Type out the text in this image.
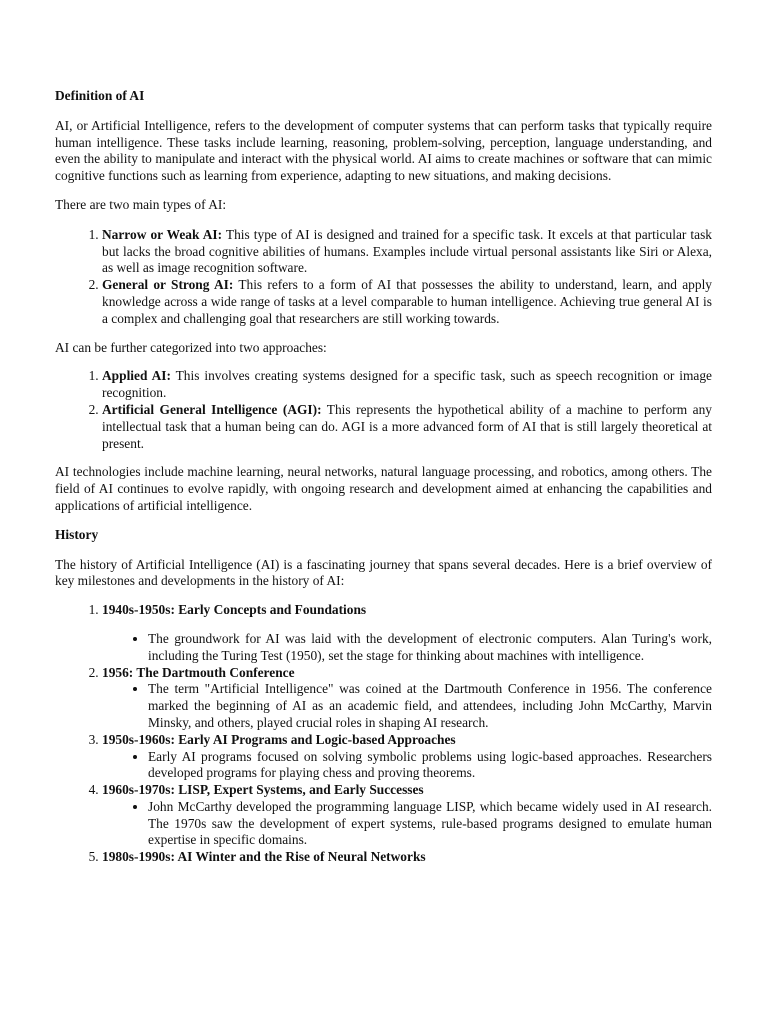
Definition of AI

AI, or Artificial Intelligence, refers to the development of computer systems that can perform tasks that typically require human intelligence. These tasks include learning, reasoning, problem-solving, perception, language understanding, and even the ability to manipulate and interact with the physical world. AI aims to create machines or software that can mimic cognitive functions such as learning from experience, adapting to new situations, and making decisions.

There are two main types of AI:

1. Narrow or Weak AI: This type of AI is designed and trained for a specific task. It excels at that particular task but lacks the broad cognitive abilities of humans. Examples include virtual personal assistants like Siri or Alexa, as well as image recognition software.
2. General or Strong AI: This refers to a form of AI that possesses the ability to understand, learn, and apply knowledge across a wide range of tasks at a level comparable to human intelligence. Achieving true general AI is a complex and challenging goal that researchers are still working towards.

AI can be further categorized into two approaches:

1. Applied AI: This involves creating systems designed for a specific task, such as speech recognition or image recognition.
2. Artificial General Intelligence (AGI): This represents the hypothetical ability of a machine to perform any intellectual task that a human being can do. AGI is a more advanced form of AI that is still largely theoretical at present.

AI technologies include machine learning, neural networks, natural language processing, and robotics, among others. The field of AI continues to evolve rapidly, with ongoing research and development aimed at enhancing the capabilities and applications of artificial intelligence.

History

The history of Artificial Intelligence (AI) is a fascinating journey that spans several decades. Here is a brief overview of key milestones and developments in the history of AI:

1. 1940s-1950s: Early Concepts and Foundations
• The groundwork for AI was laid with the development of electronic computers. Alan Turing's work, including the Turing Test (1950), set the stage for thinking about machines with intelligence.
2. 1956: The Dartmouth Conference
• The term "Artificial Intelligence" was coined at the Dartmouth Conference in 1956. The conference marked the beginning of AI as an academic field, and attendees, including John McCarthy, Marvin Minsky, and others, played crucial roles in shaping AI research.
3. 1950s-1960s: Early AI Programs and Logic-based Approaches
• Early AI programs focused on solving symbolic problems using logic-based approaches. Researchers developed programs for playing chess and proving theorems.
4. 1960s-1970s: LISP, Expert Systems, and Early Successes
• John McCarthy developed the programming language LISP, which became widely used in AI research. The 1970s saw the development of expert systems, rule-based programs designed to emulate human expertise in specific domains.
5. 1980s-1990s: AI Winter and the Rise of Neural Networks
